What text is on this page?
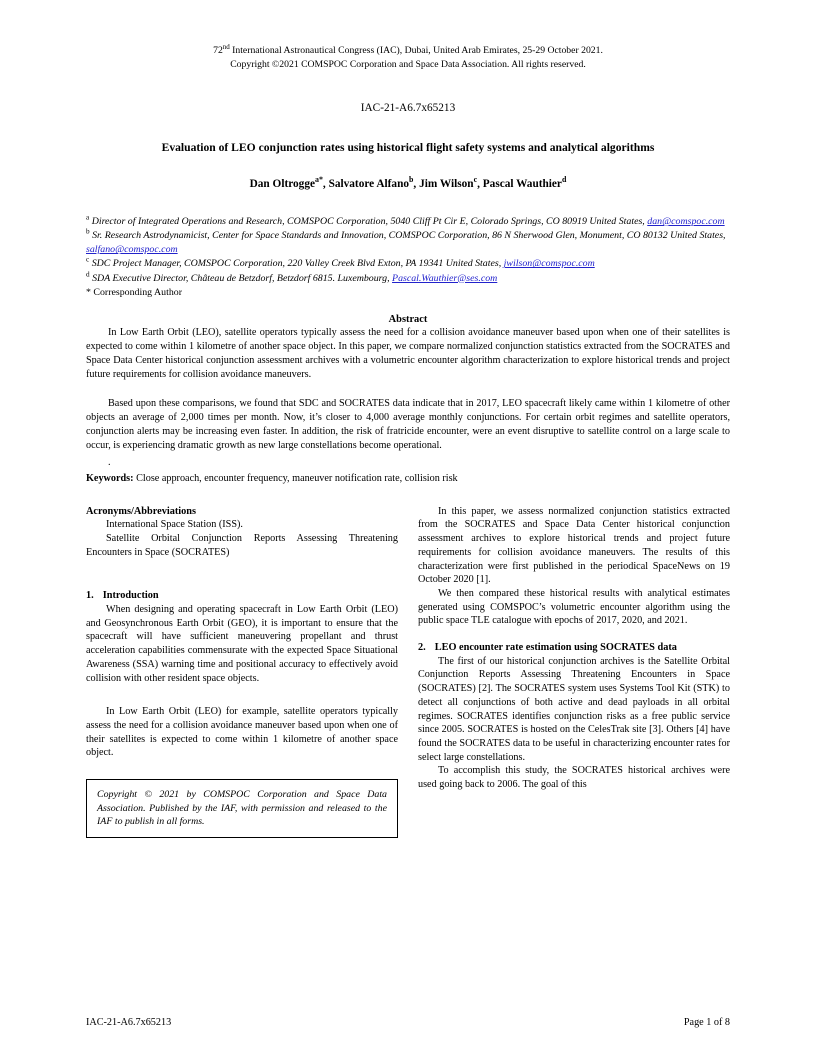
72nd International Astronautical Congress (IAC), Dubai, United Arab Emirates, 25-29 October 2021.
Copyright ©2021 COMSPOC Corporation and Space Data Association. All rights reserved.
IAC-21-A6.7x65213
Evaluation of LEO conjunction rates using historical flight safety systems and analytical algorithms
Dan Oltrogge$^{a*}$, Salvatore Alfano$^b$, Jim Wilson$^c$, Pascal Wauthier$^d$
$^a$ Director of Integrated Operations and Research, COMSPOC Corporation, 5040 Cliff Pt Cir E, Colorado Springs, CO 80919 United States, dan@comspoc.com
$^b$ Sr. Research Astrodynamicist, Center for Space Standards and Innovation, COMSPOC Corporation, 86 N Sherwood Glen, Monument, CO 80132 United States, salfano@comspoc.com
$^c$ SDC Project Manager, COMSPOC Corporation, 220 Valley Creek Blvd Exton, PA 19341 United States, jwilson@comspoc.com
$^d$ SDA Executive Director, Château de Betzdorf, Betzdorf 6815. Luxembourg, Pascal.Wauthier@ses.com
* Corresponding Author
Abstract

In Low Earth Orbit (LEO), satellite operators typically assess the need for a collision avoidance maneuver based upon when one of their satellites is expected to come within 1 kilometre of another space object. In this paper, we compare normalized conjunction statistics extracted from the SOCRATES and Space Data Center historical conjunction assessment archives with a volumetric encounter algorithm characterization to explore historical trends and project future requirements for collision avoidance maneuvers.

Based upon these comparisons, we found that SDC and SOCRATES data indicate that in 2017, LEO spacecraft likely came within 1 kilometre of other objects an average of 2,000 times per month. Now, it’s closer to 4,000 average monthly conjunctions. For certain orbit regimes and satellite operators, conjunction alerts may be increasing even faster. In addition, the risk of fratricide encounter, were an event disruptive to satellite control on a large scale to occur, is experiencing dramatic growth as new large constellations become operational.

.

Keywords: Close approach, encounter frequency, maneuver notification rate, collision risk

Acronyms/Abbreviations

International Space Station (ISS).

Satellite Orbital Conjunction Reports Assessing Threatening Encounters in Space (SOCRATES)

1. Introduction

When designing and operating spacecraft in Low Earth Orbit (LEO) and Geosynchronous Earth Orbit (GEO), it is important to ensure that the spacecraft will have sufficient maneuvering propellant and thrust acceleration capabilities commensurate with the expected Space Situational Awareness (SSA) warning time and positional accuracy to effectively avoid collision with other resident space objects.

In Low Earth Orbit (LEO) for example, satellite operators typically assess the need for a collision avoidance maneuver based upon when one of their satellites is expected to come within 1 kilometre of another space object.

Copyright © 2021 by COMSPOC Corporation and Space Data Association. Published by the IAF, with permission and released to the IAF to publish in all forms.

In this paper, we assess normalized conjunction statistics extracted from the SOCRATES and Space Data Center historical conjunction assessment archives to explore historical trends and project future requirements for collision avoidance maneuvers. The results of this characterization were first published in the periodical SpaceNews on 19 October 2020 [1].

We then compared these historical results with analytical estimates generated using COMSPOC’s volumetric encounter algorithm using the public space TLE catalogue with epochs of 2017, 2020, and 2021.

2. LEO encounter rate estimation using SOCRATES data

The first of our historical conjunction archives is the Satellite Orbital Conjunction Reports Assessing Threatening Encounters in Space (SOCRATES) [2]. The SOCRATES system uses Systems Tool Kit (STK) to detect all conjunctions of both active and dead payloads in all orbital regimes. SOCRATES identifies conjunction risks as a free public service since 2005. SOCRATES is hosted on the CelesTrak site [3]. Others [4] have found the SOCRATES data to be useful in characterizing encounter rates for select large constellations.

To accomplish this study, the SOCRATES historical archives were used going back to 2006. The goal of this

IAC-21-A6.7x65213	Page 1 of 8
